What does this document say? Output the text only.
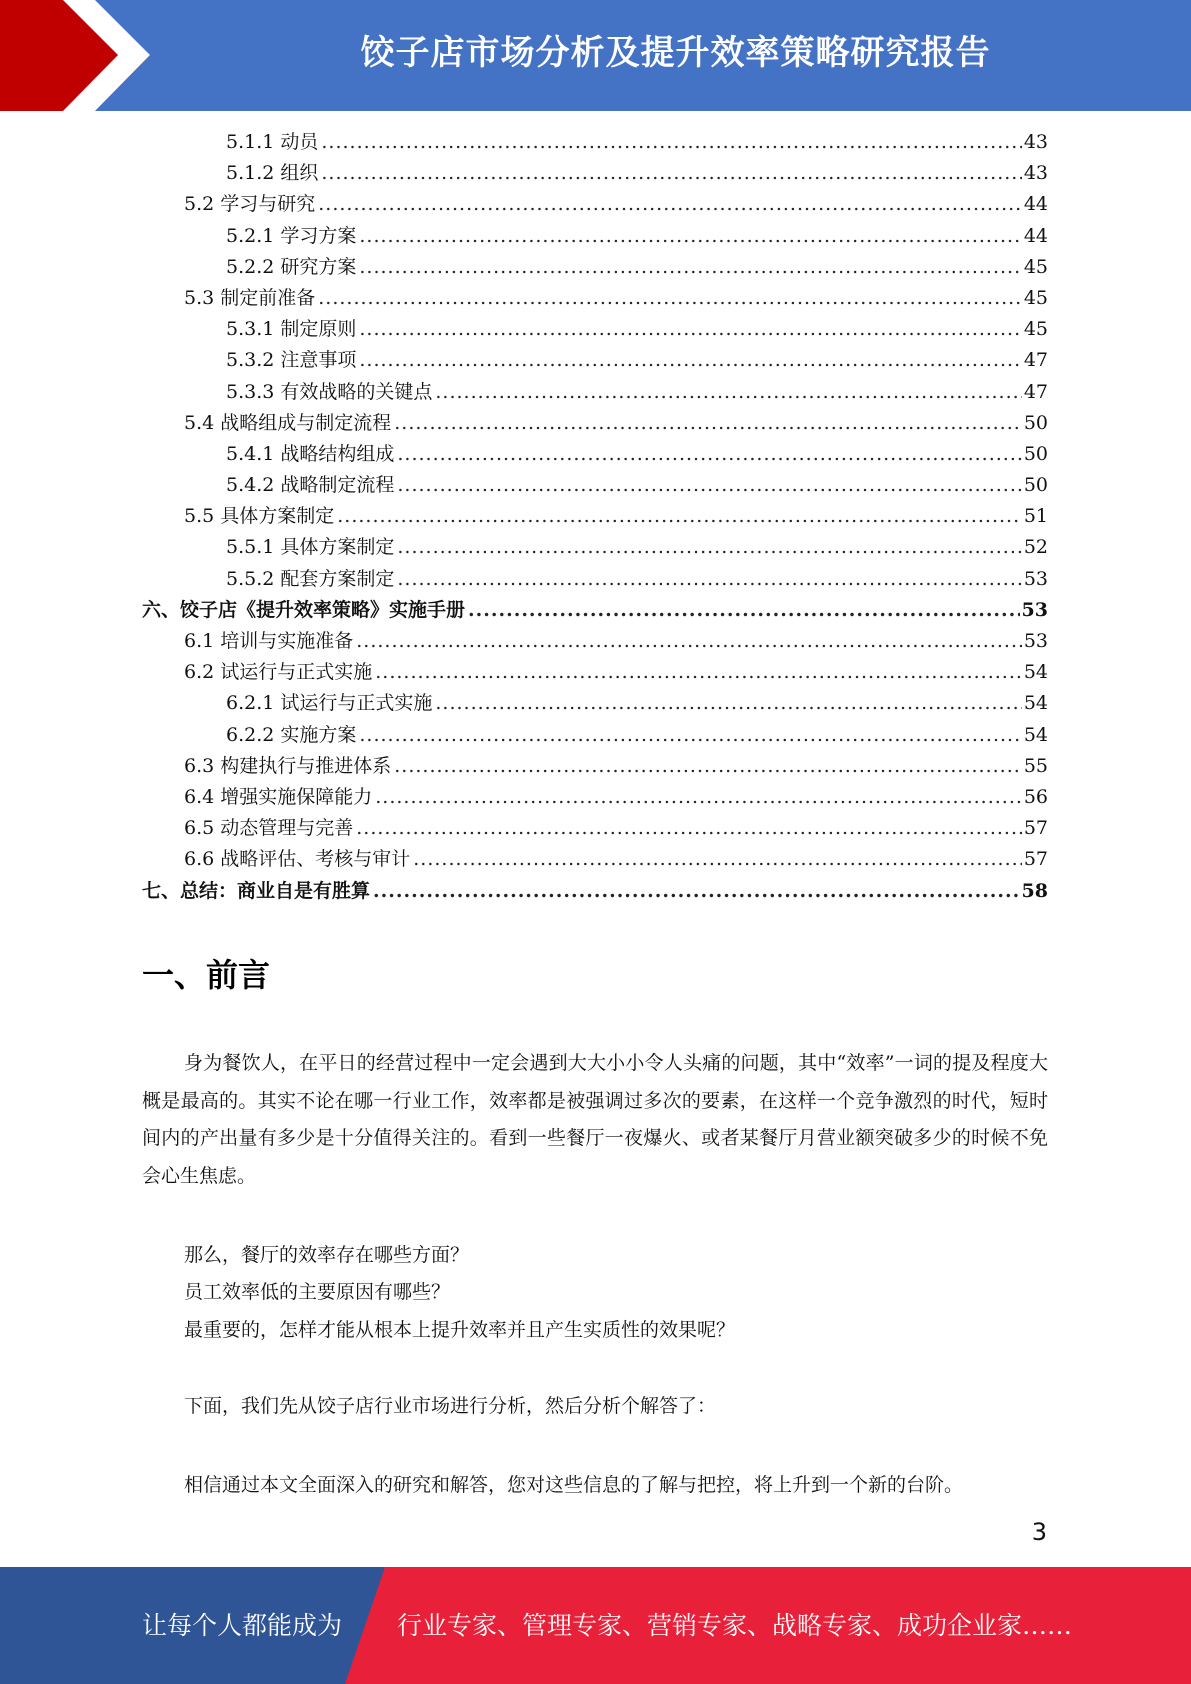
饺子店市场分析及提升效率策略研究报告
5.1.1 动员 .....	43
5.1.2 组织 .....	43
5.2 学习与研究 .....	44
5.2.1 学习方案 .....	44
5.2.2 研究方案 .....	45
5.3 制定前准备 .....	45
5.3.1 制定原则 .....	45
5.3.2 注意事项 .....	47
5.3.3 有效战略的关键点 .....	47
5.4 战略组成与制定流程 .....	50
5.4.1 战略结构组成 .....	50
5.4.2 战略制定流程 .....	50
5.5 具体方案制定 .....	51
5.5.1 具体方案制定 .....	52
5.5.2 配套方案制定 .....	53
六、饺子店《提升效率策略》实施手册 .....	53
6.1 培训与实施准备 .....	53
6.2 试运行与正式实施 .....	54
6.2.1 试运行与正式实施 .....	54
6.2.2 实施方案 .....	54
6.3 构建执行与推进体系 .....	55
6.4 增强实施保障能力 .....	56
6.5 动态管理与完善 .....	57
6.6 战略评估、考核与审计 .....	57
七、总结：商业自是有胜算 .....	58
一、前言
身为餐饮人，在平日的经营过程中一定会遇到大大小小令人头痛的问题，其中“效率”一词的提及程度大概是最高的。其实不论在哪一行业工作，效率都是被强调过多次的要素，在这样一个竞争激烈的时代，短时间内的产出量有多少是十分值得关注的。看到一些餐厅一夜爆火、或者某餐厅月营业额突破多少的时候不免会心生焦虑。
那么，餐厅的效率存在哪些方面？
员工效率低的主要原因有哪些？
最重要的，怎样才能从根本上提升效率并且产生实质性的效果呢？
下面，我们先从饺子店行业市场进行分析，然后分析个解答了：
相信通过本文全面深入的研究和解答，您对这些信息的了解与把控，将上升到一个新的台阶。
3
让每个人都能成为 行业专家、管理专家、营销专家、战略专家、成功企业家……
